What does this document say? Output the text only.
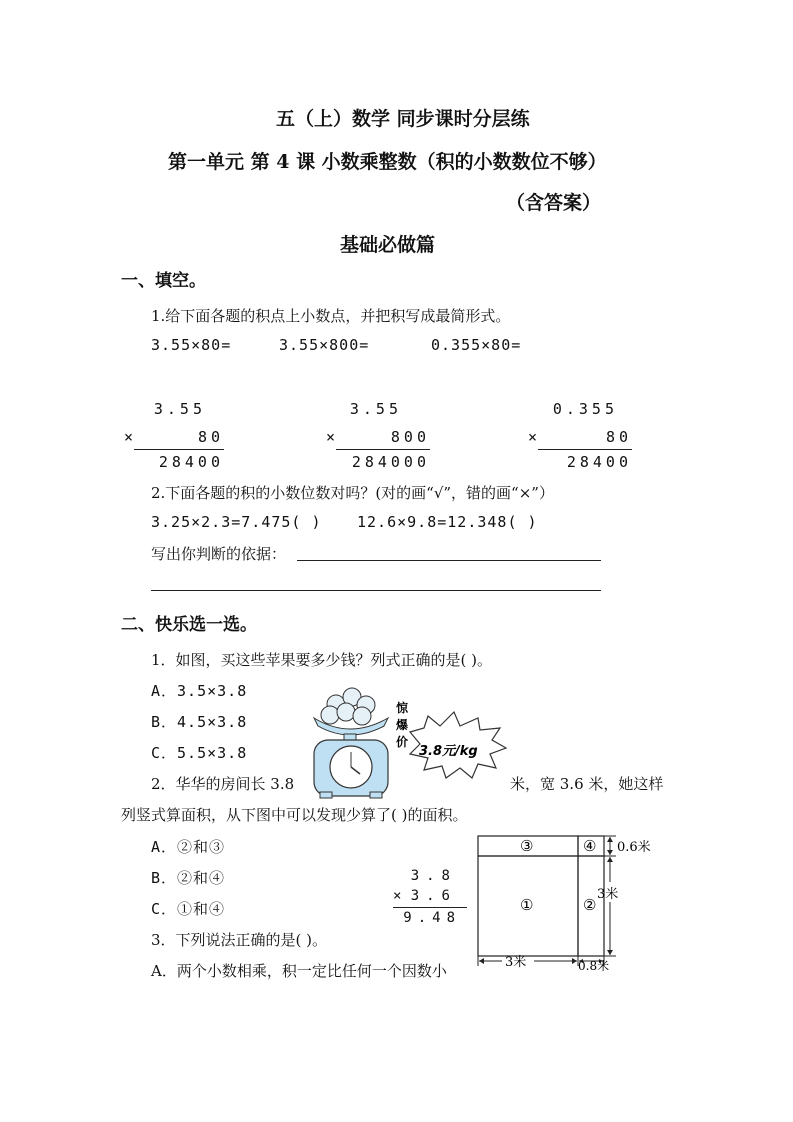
五（上）数学 同步课时分层练
第一单元 第 4 课 小数乘整数（积的小数数位不够）
（含答案）
基础必做篇
一、填空。
1.给下面各题的积点上小数点，并把积写成最简形式。
3.55×80=	3.55×800=	0.355×80=
3.55
×	80
28400
3.55
×	800
284000
0.355
×	80
28400
2.下面各题的积的小数位数对吗？(对的画“√”，错的画“×”）
3.25×2.3=7.475( ) 12.6×9.8=12.348( )
写出你判断的依据：
二、快乐选一选。
1．如图，买这些苹果要多少钱？列式正确的是( )。
A．3.5×3.8
B．4.5×3.8
C．5.5×3.8	3.8元/kg
惊
爆
价
2．华华的房间长 3.8	米，宽 3.6 米，她这样
列竖式算面积，从下图中可以发现少算了( )的面积。
A．②和③
B．②和④
C．①和④
3.8
× 3.6
9.48
③	④
①	②
0.6米
3米
3米	0.8米
3．下列说法正确的是( )。
A．两个小数相乘，积一定比任何一个因数小
